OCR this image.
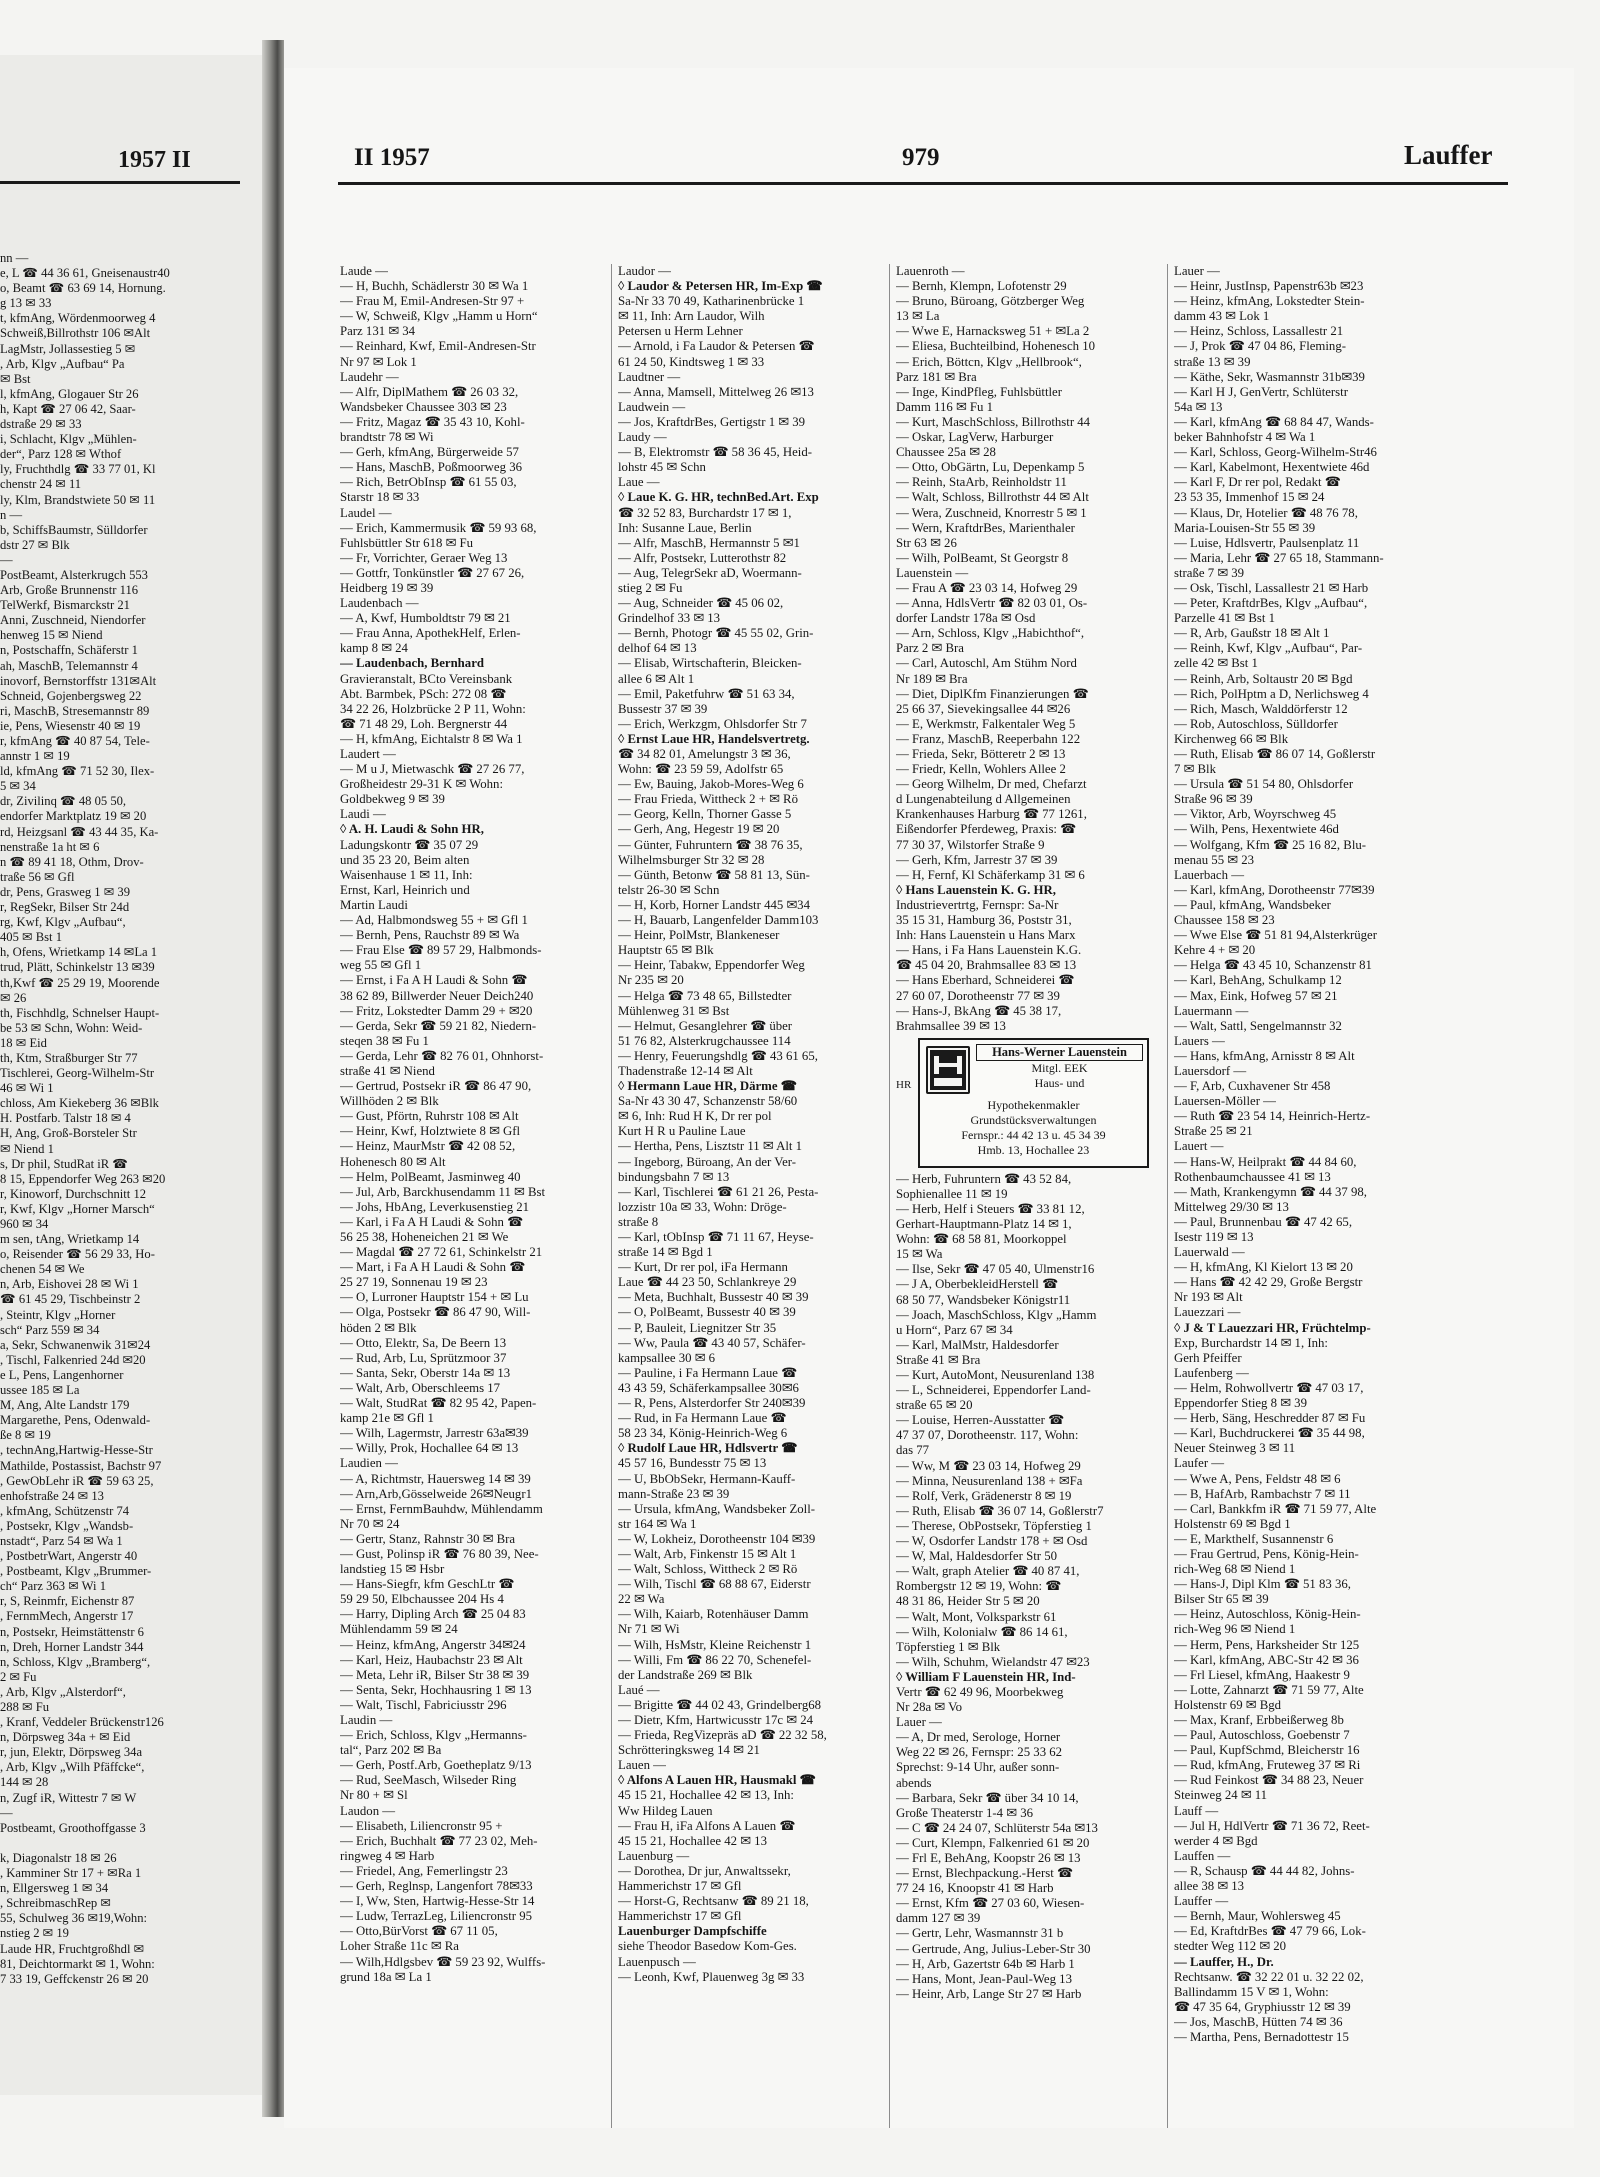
1957 II
nn —
e, L ☎ 44 36 61, Gneisenaustr40
o, Beamt ☎ 63 69 14, Hornung.
g 13 ✉ 33
t, kfmAng, Wördenmoorweg 4
Schweiß,Billrothstr 106 ✉Alt
LagMstr, Jollassestieg 5 ✉
, Arb, Klgv „Aufbau“ Pa
✉ Bst
l, kfmAng, Glogauer Str 26
h, Kapt ☎ 27 06 42, Saar-
dstraße 29 ✉ 33
i, Schlacht, Klgv „Mühlen-
der“, Parz 128 ✉ Wthof
ly, Fruchthdlg ☎ 33 77 01, Kl
chenstr 24 ✉ 11
ly, Klm, Brandstwiete 50 ✉ 11
n —
b, SchiffsBaumstr, Sülldorfer
dstr 27 ✉ Blk
—
PostBeamt, Alsterkrugch 553
Arb, Große Brunnenstr 116
TelWerkf, Bismarckstr 21
Anni, Zuschneid, Niendorfer
henweg 15 ✉ Niend
n, Postschaffn, Schäferstr 1
ah, MaschB, Telemannstr 4
inovorf, Bernstorffstr 131✉Alt
Schneid, Gojenbergsweg 22
ri, MaschB, Stresemannstr 89
ie, Pens, Wiesenstr 40 ✉ 19
r, kfmAng ☎ 40 87 54, Tele-
annstr 1 ✉ 19
ld, kfmAng ☎ 71 52 30, Ilex-
5 ✉ 34
dr, Zivilinq ☎ 48 05 50,
endorfer Marktplatz 19 ✉ 20
rd, Heizgsanl ☎ 43 44 35, Ka-
nenstraße 1a ht ✉ 6
n ☎ 89 41 18, Othm, Drov-
traße 56 ✉ Gfl
dr, Pens, Grasweg 1 ✉ 39
r, RegSekr, Bilser Str 24d
rg, Kwf, Klgv „Aufbau“,
405 ✉ Bst 1
h, Ofens, Wrietkamp 14 ✉La 1
trud, Plätt, Schinkelstr 13 ✉39
th,Kwf ☎ 25 29 19, Moorende
✉ 26
th, Fischhdlg, Schnelser Haupt-
be 53 ✉ Schn, Wohn: Weid-
18 ✉ Eid
th, Ktm, Straßburger Str 77
Tischlerei, Georg-Wilhelm-Str
46 ✉ Wi 1
chloss, Am Kiekeberg 36 ✉Blk
H. Postfarb. Talstr 18 ✉ 4
H, Ang, Groß-Borsteler Str
✉ Niend 1
s, Dr phil, StudRat iR ☎
8 15, Eppendorfer Weg 263 ✉20
r, Kinoworf, Durchschnitt 12
r, Kwf, Klgv „Horner Marsch“
960 ✉ 34
m sen, tAng, Wrietkamp 14
o, Reisender ☎ 56 29 33, Ho-
chenen 54 ✉ We
n, Arb, Eishovei 28 ✉ Wi 1
☎ 61 45 29, Tischbeinstr 2
, Steintr, Klgv „Horner
sch“ Parz 559 ✉ 34
a, Sekr, Schwanenwik 31✉24
, Tischl, Falkenried 24d ✉20
e L, Pens, Langenhorner
ussee 185 ✉ La
M, Ang, Alte Landstr 179
Margarethe, Pens, Odenwald-
ße 8 ✉ 19
, technAng,Hartwig-Hesse-Str
Mathilde, Postassist, Bachstr 97
, GewObLehr iR ☎ 59 63 25,
enhofstraße 24 ✉ 13
, kfmAng, Schützenstr 74
, Postsekr, Klgv „Wandsb-
nstadt“, Parz 54 ✉ Wa 1
, PostbetrWart, Angerstr 40
, Postbeamt, Klgv „Brummer-
ch“ Parz 363 ✉ Wi 1
r, S, Reinmfr, Eichenstr 87
, FernmMech, Angerstr 17
n, Postsekr, Heimstättenstr 6
n, Dreh, Horner Landstr 344
n, Schloss, Klgv „Bramberg“,
2 ✉ Fu
, Arb, Klgv „Alsterdorf“,
288 ✉ Fu
, Kranf, Veddeler Brückenstr126
n, Dörpsweg 34a + ✉ Eid
r, jun, Elektr, Dörpsweg 34a
, Arb, Klgv „Wilh Pfäffcke“,
144 ✉ 28
n, Zugf iR, Wittestr 7 ✉ W
—
Postbeamt, Groothoffgasse 3

k, Diagonalstr 18 ✉ 26
, Kamminer Str 17 + ✉Ra 1
n, Ellgersweg 1 ✉ 34
, SchreibmaschRep ✉
55, Schulweg 36 ✉19,Wohn:
nstieg 2 ✉ 19
Laude HR, Fruchtgroßhdl ✉
81, Deichtormarkt ✉ 1, Wohn:
7 33 19, Geffckenstr 26 ✉ 20
II 1957	979	Lauffer
Laude —
— H, Buchh, Schädlerstr 30 ✉ Wa 1
— Frau M, Emil-Andresen-Str 97 +
— W, Schweiß, Klgv „Hamm u Horn“
Parz 131 ✉ 34
— Reinhard, Kwf, Emil-Andresen-Str
Nr 97 ✉ Lok 1
Laudehr —
— Alfr, DiplMathem ☎ 26 03 32,
Wandsbeker Chaussee 303 ✉ 23
— Fritz, Magaz ☎ 35 43 10, Kohl-
brandtstr 78 ✉ Wi
— Gerh, kfmAng, Bürgerweide 57
— Hans, MaschB, Poßmoorweg 36
— Rich, BetrObInsp ☎ 61 55 03,
Starstr 18 ✉ 33
Laudel —
— Erich, Kammermusik ☎ 59 93 68,
Fuhlsbüttler Str 618 ✉ Fu
— Fr, Vorrichter, Geraer Weg 13
— Gottfr, Tonkünstler ☎ 27 67 26,
Heidberg 19 ✉ 39
Laudenbach —
— A, Kwf, Humboldtstr 79 ✉ 21
— Frau Anna, ApothekHelf, Erlen-
kamp 8 ✉ 24
— Laudenbach, Bernhard
Gravieranstalt, BCto Vereinsbank
Abt. Barmbek, PSch: 272 08 ☎
34 22 26, Holzbrücke 2 P 11, Wohn:
☎ 71 48 29, Loh. Bergnerstr 44
— H, kfmAng, Eichtalstr 8 ✉ Wa 1
Laudert —
— M u J, Mietwaschk ☎ 27 26 77,
Großheidestr 29-31 K ✉ Wohn:
Goldbekweg 9 ✉ 39
Laudi —
◊ A. H. Laudi & Sohn HR,
Ladungskontr ☎ 35 07 29
und 35 23 20, Beim alten
Waisenhause 1 ✉ 11, Inh:
Ernst, Karl, Heinrich und
Martin Laudi
— Ad, Halbmondsweg 55 + ✉ Gfl 1
— Bernh, Pens, Rauchstr 89 ✉ Wa
— Frau Else ☎ 89 57 29, Halbmonds-
weg 55 ✉ Gfl 1
— Ernst, i Fa A H Laudi & Sohn ☎
38 62 89, Billwerder Neuer Deich240
— Fritz, Lokstedter Damm 29 + ✉20
— Gerda, Sekr ☎ 59 21 82, Niedern-
steqen 38 ✉ Fu 1
— Gerda, Lehr ☎ 82 76 01, Ohnhorst-
straße 41 ✉ Niend
— Gertrud, Postsekr iR ☎ 86 47 90,
Willhöden 2 ✉ Blk
— Gust, Pförtn, Ruhrstr 108 ✉ Alt
— Heinr, Kwf, Holztwiete 8 ✉ Gfl
— Heinz, MaurMstr ☎ 42 08 52,
Hohenesch 80 ✉ Alt
— Helm, PolBeamt, Jasminweg 40
— Jul, Arb, Barckhusendamm 11 ✉ Bst
— Johs, HbAng, Leverkusenstieg 21
— Karl, i Fa A H Laudi & Sohn ☎
56 25 38, Hoheneichen 21 ✉ We
— Magdal ☎ 27 72 61, Schinkelstr 21
— Mart, i Fa A H Laudi & Sohn ☎
25 27 19, Sonnenau 19 ✉ 23
— O, Lurroner Hauptstr 154 + ✉ Lu
— Olga, Postsekr ☎ 86 47 90, Will-
höden 2 ✉ Blk
— Otto, Elektr, Sa, De Beern 13
— Rud, Arb, Lu, Sprützmoor 37
— Santa, Sekr, Oberstr 14a ✉ 13
— Walt, Arb, Oberschleems 17
— Walt, StudRat ☎ 82 95 42, Papen-
kamp 21e ✉ Gfl 1
— Wilh, Lagermstr, Jarrestr 63a✉39
— Willy, Prok, Hochallee 64 ✉ 13
Laudien —
— A, Richtmstr, Hauersweg 14 ✉ 39
— Arn,Arb,Gösselweide 26✉Neugr1
— Ernst, FernmBauhdw, Mühlendamm
Nr 70 ✉ 24
— Gertr, Stanz, Rahnstr 30 ✉ Bra
— Gust, Polinsp iR ☎ 76 80 39, Nee-
landstieg 15 ✉ Hsbr
— Hans-Siegfr, kfm GeschLtr ☎
59 29 50, Elbchaussee 204 Hs 4
— Harry, Dipling Arch ☎ 25 04 83
Mühlendamm 59 ✉ 24
— Heinz, kfmAng, Angerstr 34✉24
— Karl, Heiz, Haubachstr 23 ✉ Alt
— Meta, Lehr iR, Bilser Str 38 ✉ 39
— Senta, Sekr, Hochhausring 1 ✉ 13
— Walt, Tischl, Fabriciusstr 296
Laudin —
— Erich, Schloss, Klgv „Hermanns-
tal“, Parz 202 ✉ Ba
— Gerh, Postf.Arb, Goetheplatz 9/13
— Rud, SeeMasch, Wilseder Ring
Nr 80 + ✉ Sl
Laudon —
— Elisabeth, Liliencronstr 95 +
— Erich, Buchhalt ☎ 77 23 02, Meh-
ringweg 4 ✉ Harb
— Friedel, Ang, Femerlingstr 23
— Gerh, Reglnsp, Langenfort 78✉33
— I, Ww, Sten, Hartwig-Hesse-Str 14
— Ludw, TerrazLeg, Liliencronstr 95
— Otto,BürVorst ☎ 67 11 05,
Loher Straße 11c ✉ Ra
— Wilh,Hdlgsbev ☎ 59 23 92, Wulffs-
grund 18a ✉ La 1
Laudor —
◊ Laudor & Petersen HR, Im-Exp ☎
Sa-Nr 33 70 49, Katharinenbrücke 1
✉ 11, Inh: Arn Laudor, Wilh
Petersen u Herm Lehner
— Arnold, i Fa Laudor & Petersen ☎
61 24 50, Kindtsweg 1 ✉ 33
Laudtner —
— Anna, Mamsell, Mittelweg 26 ✉13
Laudwein —
— Jos, KraftdrBes, Gertigstr 1 ✉ 39
Laudy —
— B, Elektromstr ☎ 58 36 45, Heid-
lohstr 45 ✉ Schn
Laue —
◊ Laue K. G. HR, technBed.Art. Exp
☎ 32 52 83, Burchardstr 17 ✉ 1,
Inh: Susanne Laue, Berlin
— Alfr, MaschB, Hermannstr 5 ✉1
— Alfr, Postsekr, Lutterothstr 82
— Aug, TelegrSekr aD, Woermann-
stieg 2 ✉ Fu
— Aug, Schneider ☎ 45 06 02,
Grindelhof 33 ✉ 13
— Bernh, Photogr ☎ 45 55 02, Grin-
delhof 64 ✉ 13
— Elisab, Wirtschafterin, Bleicken-
allee 6 ✉ Alt 1
— Emil, Paketfuhrw ☎ 51 63 34,
Bussestr 37 ✉ 39
— Erich, Werkzgm, Ohlsdorfer Str 7
◊ Ernst Laue HR, Handelsvertretg.
☎ 34 82 01, Amelungstr 3 ✉ 36,
Wohn: ☎ 23 59 59, Adolfstr 65
— Ew, Bauing, Jakob-Mores-Weg 6
— Frau Frieda, Wittheck 2 + ✉ Rö
— Georg, Kelln, Thorner Gasse 5
— Gerh, Ang, Hegestr 19 ✉ 20
— Günter, Fuhruntern ☎ 38 76 35,
Wilhelmsburger Str 32 ✉ 28
— Günth, Betonw ☎ 58 81 13, Sün-
telstr 26-30 ✉ Schn
— H, Korb, Horner Landstr 445 ✉34
— H, Bauarb, Langenfelder Damm103
— Heinr, PolMstr, Blankeneser
Hauptstr 65 ✉ Blk
— Heinr, Tabakw, Eppendorfer Weg
Nr 235 ✉ 20
— Helga ☎ 73 48 65, Billstedter
Mühlenweg 31 ✉ Bst
— Helmut, Gesanglehrer ☎ über
51 76 82, Alsterkrugchaussee 114
— Henry, Feuerungshdlg ☎ 43 61 65,
Thadenstraße 12-14 ✉ Alt
◊ Hermann Laue HR, Därme ☎
Sa-Nr 43 30 47, Schanzenstr 58/60
✉ 6, Inh: Rud H K, Dr rer pol
Kurt H R u Pauline Laue
— Hertha, Pens, Lisztstr 11 ✉ Alt 1
— Ingeborg, Büroang, An der Ver-
bindungsbahn 7 ✉ 13
— Karl, Tischlerei ☎ 61 21 26, Pesta-
lozzistr 10a ✉ 33, Wohn: Dröge-
straße 8
— Karl, tObInsp ☎ 71 11 67, Heyse-
straße 14 ✉ Bgd 1
— Kurt, Dr rer pol, iFa Hermann
Laue ☎ 44 23 50, Schlankreye 29
— Meta, Buchhalt, Bussestr 40 ✉ 39
— O, PolBeamt, Bussestr 40 ✉ 39
— P, Bauleit, Liegnitzer Str 35
— Ww, Paula ☎ 43 40 57, Schäfer-
kampsallee 30 ✉ 6
— Pauline, i Fa Hermann Laue ☎
43 43 59, Schäferkampsallee 30✉6
— R, Pens, Alsterdorfer Str 240✉39
— Rud, in Fa Hermann Laue ☎
58 23 34, König-Heinrich-Weg 6
◊ Rudolf Laue HR, Hdlsvertr ☎
45 57 16, Bundesstr 75 ✉ 13
— U, BbObSekr, Hermann-Kauff-
mann-Straße 23 ✉ 39
— Ursula, kfmAng, Wandsbeker Zoll-
str 164 ✉ Wa 1
— W, Lokheiz, Dorotheenstr 104 ✉39
— Walt, Arb, Finkenstr 15 ✉ Alt 1
— Walt, Schloss, Wittheck 2 ✉ Rö
— Wilh, Tischl ☎ 68 88 67, Eiderstr
22 ✉ Wa
— Wilh, Kaiarb, Rotenhäuser Damm
Nr 71 ✉ Wi
— Wilh, HsMstr, Kleine Reichenstr 1
— Willi, Fm ☎ 86 22 70, Schenefel-
der Landstraße 269 ✉ Blk
Laué —
— Brigitte ☎ 44 02 43, Grindelberg68
— Dietr, Kfm, Hartwicusstr 17c ✉ 24
— Frieda, RegVizepräs aD ☎ 22 32 58,
Schrötteringksweg 14 ✉ 21
Lauen —
◊ Alfons A Lauen HR, Hausmakl ☎
45 15 21, Hochallee 42 ✉ 13, Inh:
Ww Hildeg Lauen
— Frau H, iFa Alfons A Lauen ☎
45 15 21, Hochallee 42 ✉ 13
Lauenburg —
— Dorothea, Dr jur, Anwaltssekr,
Hammerichstr 17 ✉ Gfl
— Horst-G, Rechtsanw ☎ 89 21 18,
Hammerichstr 17 ✉ Gfl
Lauenburger Dampfschiffe
siehe Theodor Basedow Kom-Ges.
Lauenpusch —
— Leonh, Kwf, Plauenweg 3g ✉ 33
Lauenroth —
— Bernh, Klempn, Lofotenstr 29
— Bruno, Büroang, Götzberger Weg
13 ✉ La
— Wwe E, Harnacksweg 51 + ✉La 2
— Eliesa, Buchteilbind, Hohenesch 10
— Erich, Böttcn, Klgv „Hellbrook“,
Parz 181 ✉ Bra
— Inge, KindPfleg, Fuhlsbüttler
Damm 116 ✉ Fu 1
— Kurt, MaschSchloss, Billrothstr 44
— Oskar, LagVerw, Harburger
Chaussee 25a ✉ 28
— Otto, ObGärtn, Lu, Depenkamp 5
— Reinh, StaArb, Reinholdstr 11
— Walt, Schloss, Billrothstr 44 ✉ Alt
— Wera, Zuschneid, Knorrestr 5 ✉ 1
— Wern, KraftdrBes, Marienthaler
Str 63 ✉ 26
— Wilh, PolBeamt, St Georgstr 8
Lauenstein —
— Frau A ☎ 23 03 14, Hofweg 29
— Anna, HdlsVertr ☎ 82 03 01, Os-
dorfer Landstr 178a ✉ Osd
— Arn, Schloss, Klgv „Habichthof“,
Parz 2 ✉ Bra
— Carl, Autoschl, Am Stühm Nord
Nr 189 ✉ Bra
— Diet, DiplKfm Finanzierungen ☎
25 66 37, Sievekingsallee 44 ✉26
— E, Werkmstr, Falkentaler Weg 5
— Franz, MaschB, Reeperbahn 122
— Frieda, Sekr, Bötteretr 2 ✉ 13
— Friedr, Kelln, Wohlers Allee 2
— Georg Wilhelm, Dr med, Chefarzt
d Lungenabteilung d Allgemeinen
Krankenhauses Harburg ☎ 77 1261,
Eißendorfer Pferdeweg, Praxis: ☎
77 30 37, Wilstorfer Straße 9
— Gerh, Kfm, Jarrestr 37 ✉ 39
— H, Fernf, Kl Schäferkamp 31 ✉ 6
◊ Hans Lauenstein K. G. HR,
Industrievertrtg, Fernspr: Sa-Nr
35 15 31, Hamburg 36, Poststr 31,
Inh: Hans Lauenstein u Hans Marx
— Hans, i Fa Hans Lauenstein K.G.
☎ 45 04 20, Brahmsallee 83 ✉ 13
— Hans Eberhard, Schneiderei ☎
27 60 07, Dorotheenstr 77 ✉ 39
— Hans-J, BkAng ☎ 45 38 17,
Brahmsallee 39 ✉ 13
HR
Hans-Werner Lauenstein
Mitgl. EEK
Haus- und
Hypothekenmakler
Grundstücksverwaltungen
Fernspr.: 44 42 13 u. 45 34 39
Hmb. 13, Hochallee 23
— Herb, Fuhruntern ☎ 43 52 84,
Sophienallee 11 ✉ 19
— Herb, Helf i Steuers ☎ 33 81 12,
Gerhart-Hauptmann-Platz 14 ✉ 1,
Wohn: ☎ 68 58 81, Moorkoppel
15 ✉ Wa
— Ilse, Sekr ☎ 47 05 40, Ulmenstr16
— J A, OberbekleidHerstell ☎
68 50 77, Wandsbeker Königstr11
— Joach, MaschSchloss, Klgv „Hamm
u Horn“, Parz 67 ✉ 34
— Karl, MalMstr, Haldesdorfer
Straße 41 ✉ Bra
— Kurt, AutoMont, Neusurenland 138
— L, Schneiderei, Eppendorfer Land-
straße 65 ✉ 20
— Louise, Herren-Ausstatter ☎
47 37 07, Dorotheenstr. 117, Wohn:
das 77
— Ww, M ☎ 23 03 14, Hofweg 29
— Minna, Neusurenland 138 + ✉Fa
— Rolf, Verk, Grädenerstr 8 ✉ 19
— Ruth, Elisab ☎ 36 07 14, Goßlerstr7
— Therese, ObPostsekr, Töpferstieg 1
— W, Osdorfer Landstr 178 + ✉ Osd
— W, Mal, Haldesdorfer Str 50
— Walt, graph Atelier ☎ 40 87 41,
Rombergstr 12 ✉ 19, Wohn: ☎
48 31 86, Heider Str 5 ✉ 20
— Walt, Mont, Volksparkstr 61
— Wilh, Kolonialw ☎ 86 14 61,
Töpferstieg 1 ✉ Blk
— Wilh, Schuhm, Wielandstr 47 ✉23
◊ William F Lauenstein HR, Ind-
Vertr ☎ 62 49 96, Moorbekweg
Nr 28a ✉ Vo
Lauer —
— A, Dr med, Serologe, Horner
Weg 22 ✉ 26, Fernspr: 25 33 62
Sprechst: 9-14 Uhr, außer sonn-
abends
— Barbara, Sekr ☎ über 34 10 14,
Große Theaterstr 1-4 ✉ 36
— C ☎ 24 24 07, Schlüterstr 54a ✉13
— Curt, Klempn, Falkenried 61 ✉ 20
— Frl E, BehAng, Koopstr 26 ✉ 13
— Ernst, Blechpackung.-Herst ☎
77 24 16, Knoopstr 41 ✉ Harb
— Ernst, Kfm ☎ 27 03 60, Wiesen-
damm 127 ✉ 39
— Gertr, Lehr, Wasmannstr 31 b
— Gertrude, Ang, Julius-Leber-Str 30
— H, Arb, Gazertstr 64b ✉ Harb 1
— Hans, Mont, Jean-Paul-Weg 13
— Heinr, Arb, Lange Str 27 ✉ Harb
Lauer —
— Heinr, JustInsp, Papenstr63b ✉23
— Heinz, kfmAng, Lokstedter Stein-
damm 43 ✉ Lok 1
— Heinz, Schloss, Lassallestr 21
— J, Prok ☎ 47 04 86, Fleming-
straße 13 ✉ 39
— Käthe, Sekr, Wasmannstr 31b✉39
— Karl H J, GenVertr, Schlüterstr
54a ✉ 13
— Karl, kfmAng ☎ 68 84 47, Wands-
beker Bahnhofstr 4 ✉ Wa 1
— Karl, Schloss, Georg-Wilhelm-Str46
— Karl, Kabelmont, Hexentwiete 46d
— Karl F, Dr rer pol, Redakt ☎
23 53 35, Immenhof 15 ✉ 24
— Klaus, Dr, Hotelier ☎ 48 76 78,
Maria-Louisen-Str 55 ✉ 39
— Luise, Hdlsvertr, Paulsenplatz 11
— Maria, Lehr ☎ 27 65 18, Stammann-
straße 7 ✉ 39
— Osk, Tischl, Lassallestr 21 ✉ Harb
— Peter, KraftdrBes, Klgv „Aufbau“,
Parzelle 41 ✉ Bst 1
— R, Arb, Gaußstr 18 ✉ Alt 1
— Reinh, Kwf, Klgv „Aufbau“, Par-
zelle 42 ✉ Bst 1
— Reinh, Arb, Soltaustr 20 ✉ Bgd
— Rich, PolHptm a D, Nerlichsweg 4
— Rich, Masch, Walddörferstr 12
— Rob, Autoschloss, Sülldorfer
Kirchenweg 66 ✉ Blk
— Ruth, Elisab ☎ 86 07 14, Goßlerstr
7 ✉ Blk
— Ursula ☎ 51 54 80, Ohlsdorfer
Straße 96 ✉ 39
— Viktor, Arb, Woyrschweg 45
— Wilh, Pens, Hexentwiete 46d
— Wolfgang, Kfm ☎ 25 16 82, Blu-
menau 55 ✉ 23
Lauerbach —
— Karl, kfmAng, Dorotheenstr 77✉39
— Paul, kfmAng, Wandsbeker
Chaussee 158 ✉ 23
— Wwe Else ☎ 51 81 94,Alsterkrüger
Kehre 4 + ✉ 20
— Helga ☎ 43 45 10, Schanzenstr 81
— Karl, BehAng, Schulkamp 12
— Max, Eink, Hofweg 57 ✉ 21
Lauermann —
— Walt, Sattl, Sengelmannstr 32
Lauers —
— Hans, kfmAng, Arnisstr 8 ✉ Alt
Lauersdorf —
— F, Arb, Cuxhavener Str 458
Lauersen-Möller —
— Ruth ☎ 23 54 14, Heinrich-Hertz-
Straße 25 ✉ 21
Lauert —
— Hans-W, Heilprakt ☎ 44 84 60,
Rothenbaumchaussee 41 ✉ 13
— Math, Krankengymn ☎ 44 37 98,
Mittelweg 29/30 ✉ 13
— Paul, Brunnenbau ☎ 47 42 65,
Isestr 119 ✉ 13
Lauerwald —
— H, kfmAng, Kl Kielort 13 ✉ 20
— Hans ☎ 42 42 29, Große Bergstr
Nr 193 ✉ Alt
Lauezzari —
◊ J & T Lauezzari HR, Früchtelmp-
Exp, Burchardstr 14 ✉ 1, Inh:
Gerh Pfeiffer
Laufenberg —
— Helm, Rohwollvertr ☎ 47 03 17,
Eppendorfer Stieg 8 ✉ 39
— Herb, Säng, Heschredder 87 ✉ Fu
— Karl, Buchdruckerei ☎ 35 44 98,
Neuer Steinweg 3 ✉ 11
Laufer —
— Wwe A, Pens, Feldstr 48 ✉ 6
— B, HafArb, Rambachstr 7 ✉ 11
— Carl, Bankkfm iR ☎ 71 59 77, Alte
Holstenstr 69 ✉ Bgd 1
— E, Markthelf, Susannenstr 6
— Frau Gertrud, Pens, König-Hein-
rich-Weg 68 ✉ Niend 1
— Hans-J, Dipl Klm ☎ 51 83 36,
Bilser Str 65 ✉ 39
— Heinz, Autoschloss, König-Hein-
rich-Weg 96 ✉ Niend 1
— Herm, Pens, Harksheider Str 125
— Karl, kfmAng, ABC-Str 42 ✉ 36
— Frl Liesel, kfmAng, Haakestr 9
— Lotte, Zahnarzt ☎ 71 59 77, Alte
Holstenstr 69 ✉ Bgd
— Max, Kranf, Erbbeißerweg 8b
— Paul, Autoschloss, Goebenstr 7
— Paul, KupfSchmd, Bleicherstr 16
— Rud, kfmAng, Fruteweg 37 ✉ Ri
— Rud Feinkost ☎ 34 88 23, Neuer
Steinweg 24 ✉ 11
Lauff —
— Jul H, HdlVertr ☎ 71 36 72, Reet-
werder 4 ✉ Bgd
Lauffen —
— R, Schausp ☎ 44 44 82, Johns-
allee 38 ✉ 13
Lauffer —
— Bernh, Maur, Wohlersweg 45
— Ed, KraftdrBes ☎ 47 79 66, Lok-
stedter Weg 112 ✉ 20
— Lauffer, H., Dr.
Rechtsanw. ☎ 32 22 01 u. 32 22 02,
Ballindamm 15 V ✉ 1, Wohn:
☎ 47 35 64, Gryphiusstr 12 ✉ 39
— Jos, MaschB, Hütten 74 ✉ 36
— Martha, Pens, Bernadottestr 15
